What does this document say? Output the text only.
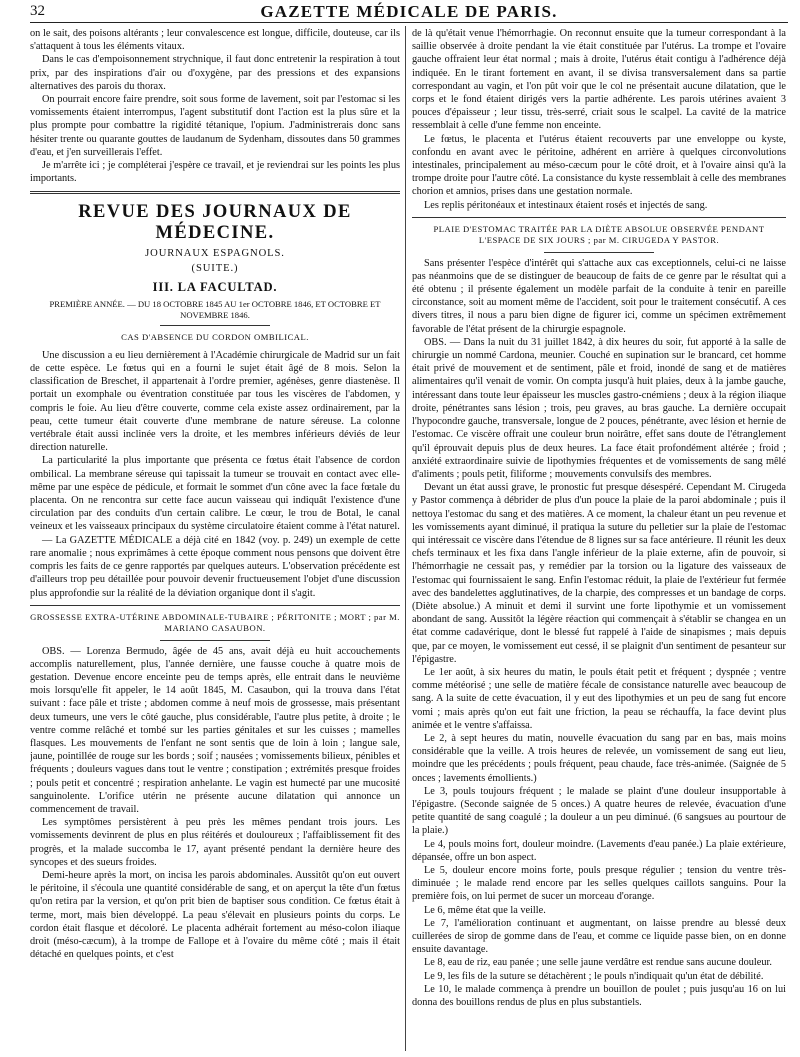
32	GAZETTE MÉDICALE DE PARIS.

on le sait, des poisons altérants ; leur convalescence est longue, difficile, douteuse, car ils s'attaquent à tous les éléments vitaux.

Dans le cas d'empoisonnement strychnique, il faut donc entretenir la respiration à tout prix, par des inspirations d'air ou d'oxygène, par des pressions et des expansions alternatives des parois du thorax.

On pourrait encore faire prendre, soit sous forme de lavement, soit par l'estomac si les vomissements étaient interrompus, l'agent substitutif dont l'action est la plus sûre et la plus prompte pour combattre la rigidité tétanique, l'opium. J'administrerais donc sans hésiter trente ou quarante gouttes de laudanum de Sydenham, dissoutes dans 50 grammes d'eau, et j'en surveillerais l'effet.

Je m'arrête ici ; je compléterai j'espère ce travail, et je reviendrai sur les points les plus importants.

REVUE DES JOURNAUX DE MÉDECINE.
JOURNAUX ESPAGNOLS.
(SUITE.)
III. LA FACULTAD.
PREMIÈRE ANNÉE. — DU 18 OCTOBRE 1845 AU 1er OCTOBRE 1846, ET OCTOBRE ET NOVEMBRE 1846.
CAS D'ABSENCE DU CORDON OMBILICAL.

Une discussion a eu lieu dernièrement à l'Académie chirurgicale de Madrid sur un fait de cette espèce. Le fœtus qui en a fourni le sujet était âgé de 8 mois. Selon la classification de Breschet, il appartenait à l'ordre premier, agénèses, genre diastenèse. Il portait un exomphale ou éventration constituée par tous les viscères de l'abdomen, y compris le foie. Au lieu d'être couverte, comme cela existe assez ordinairement, par la peau, cette tumeur était couverte d'une membrane de nature séreuse. La colonne vertébrale était aussi inclinée vers la droite, et les membres inférieurs déviés de leur direction naturelle.

La particularité la plus importante que présenta ce fœtus était l'absence de cordon ombilical. La membrane séreuse qui tapissait la tumeur se trouvait en contact avec elle-même par une espèce de pédicule, et formait le sommet d'un cône avec la face fœtale du placenta. On ne rencontra sur cette face aucun vaisseau qui indiquât l'existence d'une circulation par des conduits d'un certain calibre. Le cœur, le trou de Botal, le canal veineux et les vaisseaux principaux du système circulatoire étaient comme à l'état naturel.

— La GAZETTE MÉDICALE a déjà cité en 1842 (voy. p. 249) un exemple de cette rare anomalie ; nous exprimâmes à cette époque comment nous pensons que doivent être compris les faits de ce genre rapportés par quelques auteurs. L'observation précédente est d'ailleurs trop peu détaillée pour pouvoir devenir fructueusement l'objet d'une discussion plus approfondie sur la réalité de la déviation organique dont il s'agit.

GROSSESSE EXTRA-UTÉRINE ABDOMINALE-TUBAIRE ; PÉRITONITE ; MORT ; par M. MARIANO CASAUBON.

OBS. — Lorenza Bermudo, âgée de 45 ans, avait déjà eu huit accouchements accomplis naturellement, plus, l'année dernière, une fausse couche à quatre mois de gestation. Devenue encore enceinte peu de temps après, elle entrait dans le neuvième mois lorsqu'elle fit appeler, le 14 août 1845, M. Casaubon, qui la trouva dans l'état suivant : face pâle et triste ; abdomen comme à neuf mois de grossesse, mais présentant deux tumeurs, une vers le côté gauche, plus considérable, l'autre plus petite, à droite ; le ventre comme relâché et tombé sur les parties génitales et sur les cuisses ; mamelles flasques. Les mouvements de l'enfant ne sont sentis que de loin à loin ; langue sale, jaune, pointillée de rouge sur les bords ; soif ; nausées ; vomissements bilieux, pénibles et fréquents ; douleurs vagues dans tout le ventre ; constipation ; extrémités presque froides ; pouls petit et concentré ; respiration anhelante. Le vagin est humecté par une mucosité sanguinolente. L'orifice utérin ne présente aucune dilatation qui annonce un commencement de travail.

Les symptômes persistèrent à peu près les mêmes pendant trois jours. Les vomissements devinrent de plus en plus réitérés et douloureux ; l'affaiblissement fit des progrès, et la malade succomba le 17, ayant présenté pendant la dernière heure des syncopes et des sueurs froides.

Demi-heure après la mort, on incisa les parois abdominales. Aussitôt qu'on eut ouvert le péritoine, il s'écoula une quantité considérable de sang, et on aperçut la tête d'un fœtus qu'on retira par la version, et qu'on prit bien de baptiser sous condition. Ce fœtus était à terme, mort, mais bien développé. La peau s'élevait en plusieurs points du corps. Le cordon était flasque et décoloré. Le placenta adhérait fortement au méso-colon iliaque droit (méso-cæcum), à la trompe de Fallope et à l'ovaire du même côté ; mais il était détaché en quelques points, et c'est

de là qu'était venue l'hémorrhagie. On reconnut ensuite que la tumeur correspondant à la saillie observée à droite pendant la vie était constituée par l'utérus. La trompe et l'ovaire gauche offraient leur état normal ; mais à droite, l'utérus était contigu à l'adhérence déjà indiquée. En le tirant fortement en avant, il se divisa transversalement dans sa partie correspondant au vagin, et l'on pût voir que le col ne présentait aucune dilatation, que le corps et le fond étaient dirigés vers la partie adhérente. Les parois utérines avaient 3 pouces d'épaisseur ; leur tissu, très-serré, criait sous le scalpel. La cavité de la matrice ressemblait à celle d'une femme non enceinte.

Le fœtus, le placenta et l'utérus étaient recouverts par une enveloppe ou kyste, confondu en avant avec le péritoine, adhérent en arrière à quelques circonvolutions intestinales, principalement au méso-cæcum pour le côté droit, et à l'ovaire ainsi qu'à la trompe droite pour l'autre côté. La consistance du kyste ressemblait à celle des membranes chorion et amnios, prises dans une gestation normale.

Les replis péritonéaux et intestinaux étaient rosés et injectés de sang.

PLAIE D'ESTOMAC TRAITÉE PAR LA DIÈTE ABSOLUE OBSERVÉE PENDANT L'ESPACE DE SIX JOURS ; par M. CIRUGEDA Y PASTOR.

Sans présenter l'espèce d'intérêt qui s'attache aux cas exceptionnels, celui-ci ne laisse pas néanmoins que de se distinguer de beaucoup de faits de ce genre par le résultat qui a été obtenu ; il présente également un modèle parfait de la conduite à tenir en pareille circonstance, soit au moment même de l'accident, soit pour le traitement consécutif. A ces divers titres, il nous a paru bien digne de figurer ici, comme un spécimen extrêmement favorable de l'état présent de la chirurgie espagnole.

OBS. — Dans la nuit du 31 juillet 1842, à dix heures du soir, fut apporté à la salle de chirurgie un nommé Cardona, meunier. Couché en supination sur le brancard, cet homme était privé de mouvement et de sentiment, pâle et froid, inondé de sang et de matières alimentaires qu'il venait de vomir. On compta jusqu'à huit plaies, deux à la jambe gauche, intéressant dans toute leur épaisseur les muscles gastro-cnémiens ; deux à la région iliaque droite, pénétrantes sans lésion ; trois, peu graves, au bras gauche. La dernière occupait l'hypocondre gauche, transversale, longue de 2 pouces, pénétrante, avec lésion et hernie de l'estomac. Ce viscère offrait une couleur brun noirâtre, effet sans doute de l'étranglement qu'il éprouvait depuis plus de deux heures. La face était profondément altérée ; froid ; anxiété extraordinaire suivie de lipothymies fréquentes et de vomissements de sang mêlé d'aliments ; pouls petit, filiforme ; mouvements convulsifs des membres.

Devant un état aussi grave, le pronostic fut presque désespéré. Cependant M. Cirugeda y Pastor commença à débrider de plus d'un pouce la plaie de la paroi abdominale ; puis il nettoya l'estomac du sang et des matières. A ce moment, la chaleur étant un peu revenue et les vomissements ayant diminué, il pratiqua la suture du pelletier sur la plaie de l'estomac qui intéressait ce viscère dans l'étendue de 8 lignes sur sa face antérieure. Il réunit les deux chefs terminaux et les fixa dans l'angle inférieur de la plaie externe, afin de pouvoir, si l'hémorrhagie ne cessait pas, y remédier par la torsion ou la ligature des vaisseaux de l'estomac qui fournissaient le sang. Enfin l'estomac réduit, la plaie de l'extérieur fut fermée avec des bandelettes agglutinatives, de la charpie, des compresses et un bandage de corps. (Diète absolue.) A minuit et demi il survint une forte lipothymie et un vomissement abondant de sang. Aussitôt la légère réaction qui commençait à s'établir se changea en un état comme cadavérique, dont le blessé fut rappelé à l'aide de sinapismes ; mais depuis que, par ce moyen, le vomissement eut cessé, il se plaignit d'un sentiment de pesanteur sur l'épigastre.

Le 1er août, à six heures du matin, le pouls était petit et fréquent ; dyspnée ; ventre comme météorisé ; une selle de matière fécale de consistance naturelle avec beaucoup de sang. A la suite de cette évacuation, il y eut des lipothymies et un peu de sang fut encore vomi ; mais après qu'on eut fait une friction, la peau se réchauffa, la face devint plus animée et le ventre s'affaissa.

Le 2, à sept heures du matin, nouvelle évacuation du sang par en bas, mais moins considérable que la veille. A trois heures de relevée, un vomissement de sang eut lieu, moindre que les précédents ; pouls fréquent, peau chaude, face très-animée. (Saignée de 5 onces ; lavements émollients.)

Le 3, pouls toujours fréquent ; le malade se plaint d'une douleur insupportable à l'épigastre. (Seconde saignée de 5 onces.) A quatre heures de relevée, évacuation d'une petite quantité de sang coagulé ; la douleur a un peu diminué. (6 sangsues au pourtour de la plaie.)

Le 4, pouls moins fort, douleur moindre. (Lavements d'eau panée.) La plaie extérieure, dépansée, offre un bon aspect.

Le 5, douleur encore moins forte, pouls presque régulier ; tension du ventre très-diminuée ; le malade rend encore par les selles quelques caillots sanguins. Pour la première fois, on lui permet de sucer un morceau d'orange.

Le 6, même état que la veille.

Le 7, l'amélioration continuant et augmentant, on laisse prendre au blessé deux cuillerées de sirop de gomme dans de l'eau, et comme ce liquide passe bien, on en donne ensuite davantage.

Le 8, eau de riz, eau panée ; une selle jaune verdâtre est rendue sans aucune douleur.

Le 9, les fils de la suture se détachèrent ; le pouls n'indiquait qu'un état de débilité.

Le 10, le malade commença à prendre un bouillon de poulet ; puis jusqu'au 16 on lui donna des bouillons rendus de plus en plus substantiels.
